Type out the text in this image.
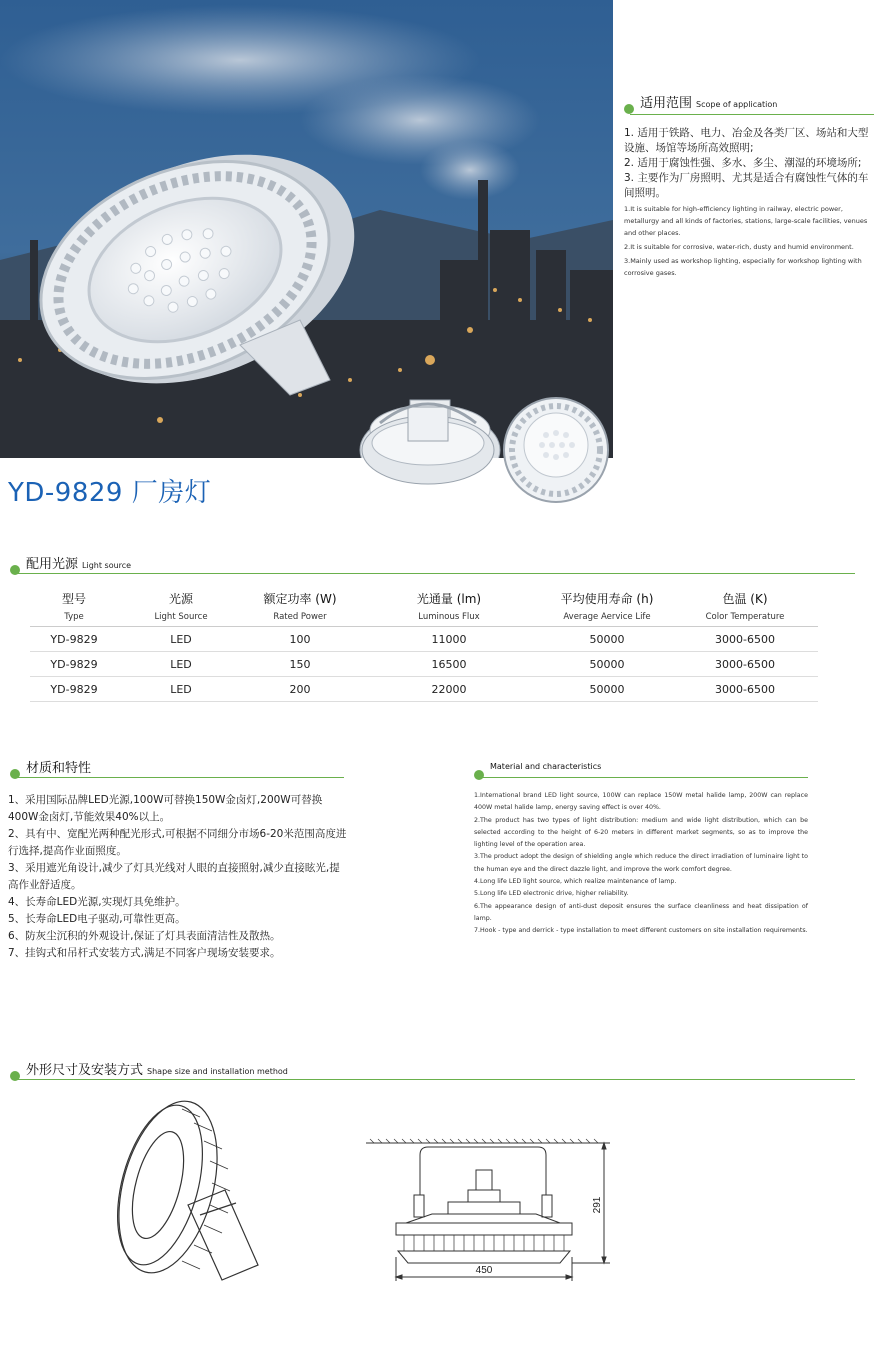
适用范围 Scope of application

1. 适用于铁路、电力、冶金及各类厂区、场站和大型设施、场馆等场所高效照明;

2. 适用于腐蚀性强、多水、多尘、潮湿的环境场所;

3. 主要作为厂房照明、尤其是适合有腐蚀性气体的车间照明。

1.It is suitable for high-efficiency lighting in railway, electric power, metallurgy and all kinds of factories, stations, large-scale facilities, venues and other places.

2.It is suitable for corrosive, water-rich, dusty and humid environment.

3.Mainly used as workshop lighting, especially for workshop lighting with corrosive gases.

YD-9829 厂房灯
配用光源 Light source
型号	光源	额定功率 (W)	光通量 (lm)	平均使用寿命 (h)	色温 (K)
Type	Light Source	Rated Power	Luminous Flux	Average Aervice Life	Color Temperature
YD-9829	LED	100	11000	50000	3000-6500
YD-9829	LED	150	16500	50000	3000-6500
YD-9829	LED	200	22000	50000	3000-6500
材质和特性	Material and characteristics

1、采用国际品牌LED光源,100W可替换150W金卤灯,200W可替换400W金卤灯,节能效果40%以上。

2、具有中、宽配光两种配光形式,可根据不同细分市场6-20米范围高度进行选择,提高作业面照度。

3、采用遮光角设计,减少了灯具光线对人眼的直接照射,减少直接眩光,提高作业舒适度。

4、长寿命LED光源,实现灯具免维护。

5、长寿命LED电子驱动,可靠性更高。

6、防灰尘沉积的外观设计,保证了灯具表面清洁性及散热。

7、挂钩式和吊杆式安装方式,满足不同客户现场安装要求。

1.International brand LED light source, 100W can replace 150W metal halide lamp, 200W can replace 400W metal halide lamp, energy saving effect is over 40%.

2.The product has two types of light distribution: medium and wide light distribution, which can be selected according to the height of 6-20 meters in different market segments, so as to improve the lighting level of the operation area.

3.The product adopt the design of shielding angle which reduce the direct irradiation of luminaire light to the human eye and the direct dazzle light, and improve the work comfort degree.

4.Long life LED light source, which realize maintenance of lamp.

5.Long life LED electronic drive, higher reliability.

6.The appearance design of anti-dust deposit ensures the surface cleanliness and heat dissipation of lamp.

7.Hook - type and derrick - type installation to meet different customers on site installation requirements.

外形尺寸及安装方式 Shape size and installation method
450
291
